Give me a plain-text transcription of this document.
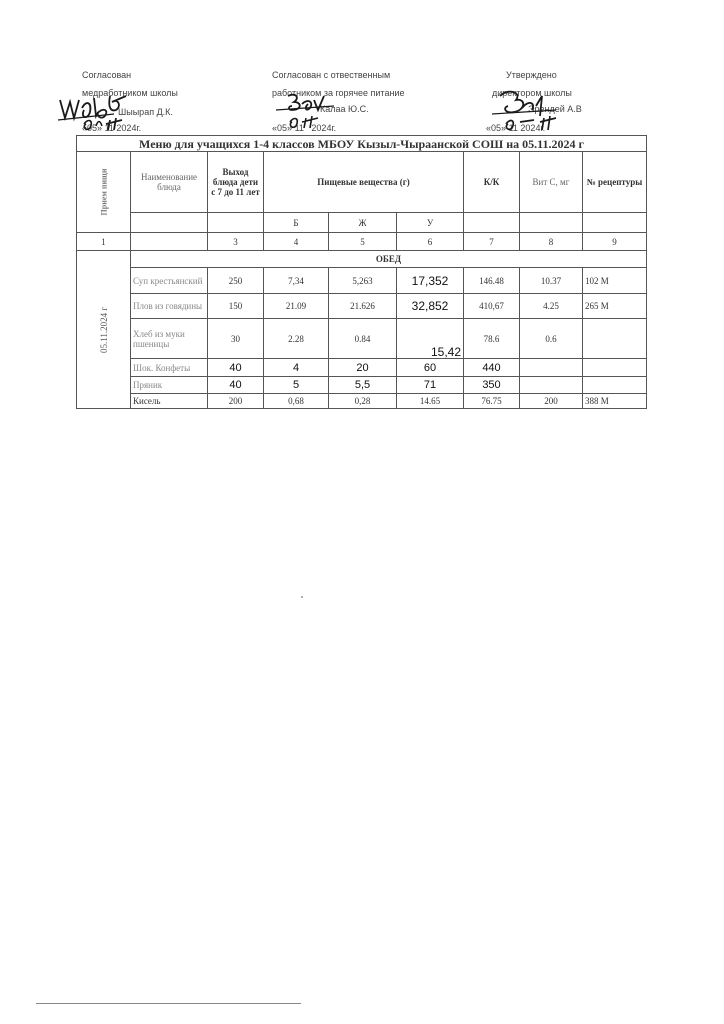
Согласован
медработником школы
Шыырап Д.К.
«05» 11 2024г.
Согласован с отвественным
работником за горячее питание
Калаа Ю.С.
«05» 11 2024г.
Утверждено
директором школы
Эрендей А.В
«05» 11 2024г.
Меню для учащихся 1-4 классов МБОУ Кызыл-Чыраанской СОШ на 05.11.2024 г								

Прием пищи	Наименование блюда	Выход блюда дети с 7 до 11 лет	Пищевые вещества (г)			К/К	Вит С, мг	№ рецептуры
			Б	Ж	У			
1		3	4	5	6	7	8	9

05.11.2024 г	ОБЕД							
	Суп крестьянский	250	7,34	5,263	17,352	146.48	10.37	102 М
	Плов из говядины	150	21.09	21.626	32,852	410,67	4.25	265 М
	Хлеб из муки пшеницы	30	2.28	0.84	15,42	78.6	0.6	
	Шок. Конфеты	40	4	20	60	440		
	Пряник	40	5	5,5	71	350		
	Кисель	200	0,68	0,28	14.65	76.75	200	388 М
